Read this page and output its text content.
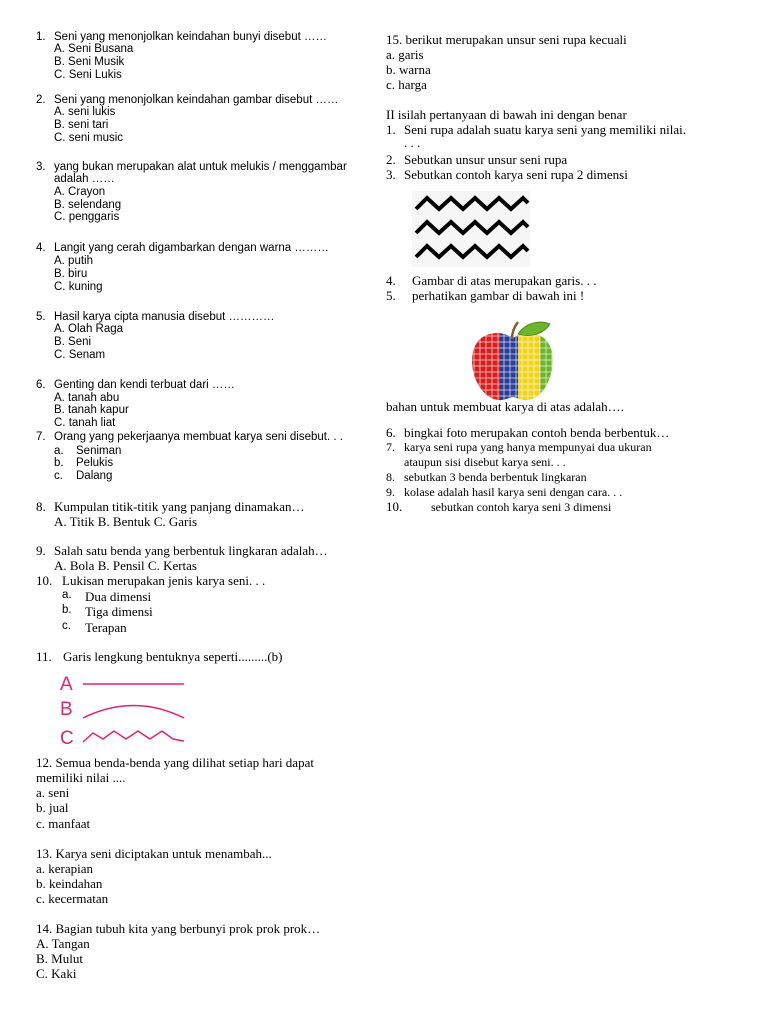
1. Seni yang menonjolkan keindahan bunyi disebut ……
A. Seni Busana
B. Seni Musik
C. Seni Lukis
2. Seni yang menonjolkan keindahan gambar disebut ……
A. seni lukis
B. seni tari
C. seni music
3. yang bukan merupakan alat untuk melukis / menggambar
adalah ……
A. Crayon
B. selendang
C. penggaris
4. Langit yang cerah digambarkan dengan warna ………
A. putih
B. biru
C. kuning
5. Hasil karya cipta manusia disebut …………
A. Olah Raga
B. Seni
C. Senam
6. Genting dan kendi terbuat dari ……
A. tanah abu
B. tanah kapur
C. tanah liat
7. Orang yang pekerjaanya membuat karya seni disebut. . .
a. Seniman
b. Pelukis
c. Dalang
8. Kumpulan titik-titik yang panjang dinamakan…
A. Titik B. Bentuk C. Garis
9. Salah satu benda yang berbentuk lingkaran adalah…
A. Bola B. Pensil C. Kertas
10. Lukisan merupakan jenis karya seni. . .
a. Dua dimensi
b. Tiga dimensi
c. Terapan
11. Garis lengkung bentuknya seperti.........(b)
A
B
C
12. Semua benda-benda yang dilihat setiap hari dapat
memiliki nilai ....
a. seni
b. jual
c. manfaat
13. Karya seni diciptakan untuk menambah...
a. kerapian
b. keindahan
c. kecermatan
14. Bagian tubuh kita yang berbunyi prok prok prok…
A. Tangan
B. Mulut
C. Kaki
15. berikut merupakan unsur seni rupa kecuali
a. garis
b. warna
c. harga
II isilah pertanyaan di bawah ini dengan benar
1. Seni rupa adalah suatu karya seni yang memiliki nilai.
. . .
2. Sebutkan unsur unsur seni rupa
3. Sebutkan contoh karya seni rupa 2 dimensi
4. Gambar di atas merupakan garis. . .
5. perhatikan gambar di bawah ini !
bahan untuk membuat karya di atas adalah….
6. bingkai foto merupakan contoh benda berbentuk…
7. karya seni rupa yang hanya mempunyai dua ukuran
ataupun sisi disebut karya seni. . .
8. sebutkan 3 benda berbentuk lingkaran
9. kolase adalah hasil karya seni dengan cara. . .
10. sebutkan contoh karya seni 3 dimensi
